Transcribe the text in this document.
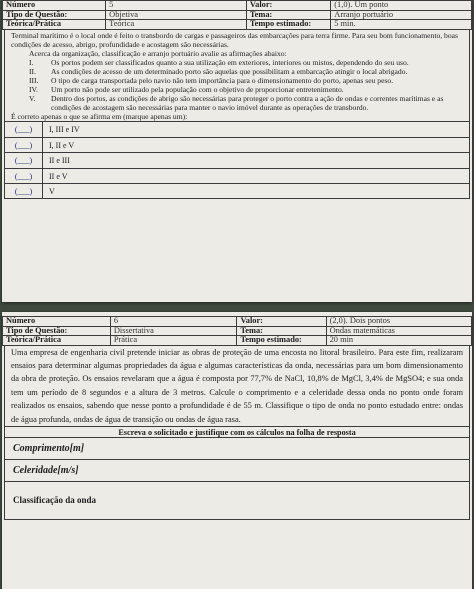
Número	5	Valor:	(1,0). Um ponto
Tipo de Questão:	Objetiva	Tema:	Arranjo portuário
Teórica/Prática	Teórica	Tempo estimado:	5 min.

Terminal marítimo é o local onde é feito o transbordo de cargas e passageiros das embarcações para terra firme. Para seu bom funcionamento, boas condições de acesso, abrigo, profundidade e acostagem são necessárias.

Acerca da organização, classificação e arranjo portuário avalie as afirmações abaixo:

I.	Os portos podem ser classificados quanto a sua utilização em exteriores, interiores ou mistos, dependendo do seu uso.
II.	As condições de acesso de um determinado porto são aquelas que possibilitam a embarcação atingir o local abrigado.
III.	O tipo de carga transportada pelo navio não tem importância para o dimensionamento do porto, apenas seu peso.
IV.	Um porto não pode ser utilizado pela população com o objetivo de proporcionar entretenimento.
V.	Dentro dos portos, as condições de abrigo são necessárias para proteger o porto contra a ação de ondas e correntes marítimas e as condições de acostagem são necessárias para manter o navio imóvel durante as operações de transbordo.

É correto apenas o que se afirma em (marque apenas um):

(___)	I, III e IV
(___)	I, II e V
(___)	II e III
(___)	II e V
(___)	V
Número	6	Valor:	(2,0). Dois pontos
Tipo de Questão:	Dissertativa	Tema:	Ondas matemáticas
Teórica/Prática	Prática	Tempo estimado:	20 min

Uma empresa de engenharia civil pretende iniciar as obras de proteção de uma encosta no litoral brasileiro. Para este fim, realizaram ensaios para determinar algumas propriedades da água e algumas características da onda, necessárias para um bom dimensionamento da obra de proteção. Os ensaios revelaram que a água é composta por 77,7% de NaCl, 10,8% de MgCl, 3,4% de MgSO4; e sua onda tem um período de 8 segundos e a altura de 3 metros. Calcule o comprimento e a celeridade dessa onda no ponto onde foram realizados os ensaios, sabendo que nesse ponto a profundidade é de 55 m. Classifique o tipo de onda no ponto estudado entre: ondas de água profunda, ondas de água de transição ou ondas de água rasa.

Escreva o solicitado e justifique com os cálculos na folha de resposta
Comprimento[m]
Celeridade[m/s]
Classificação da onda
